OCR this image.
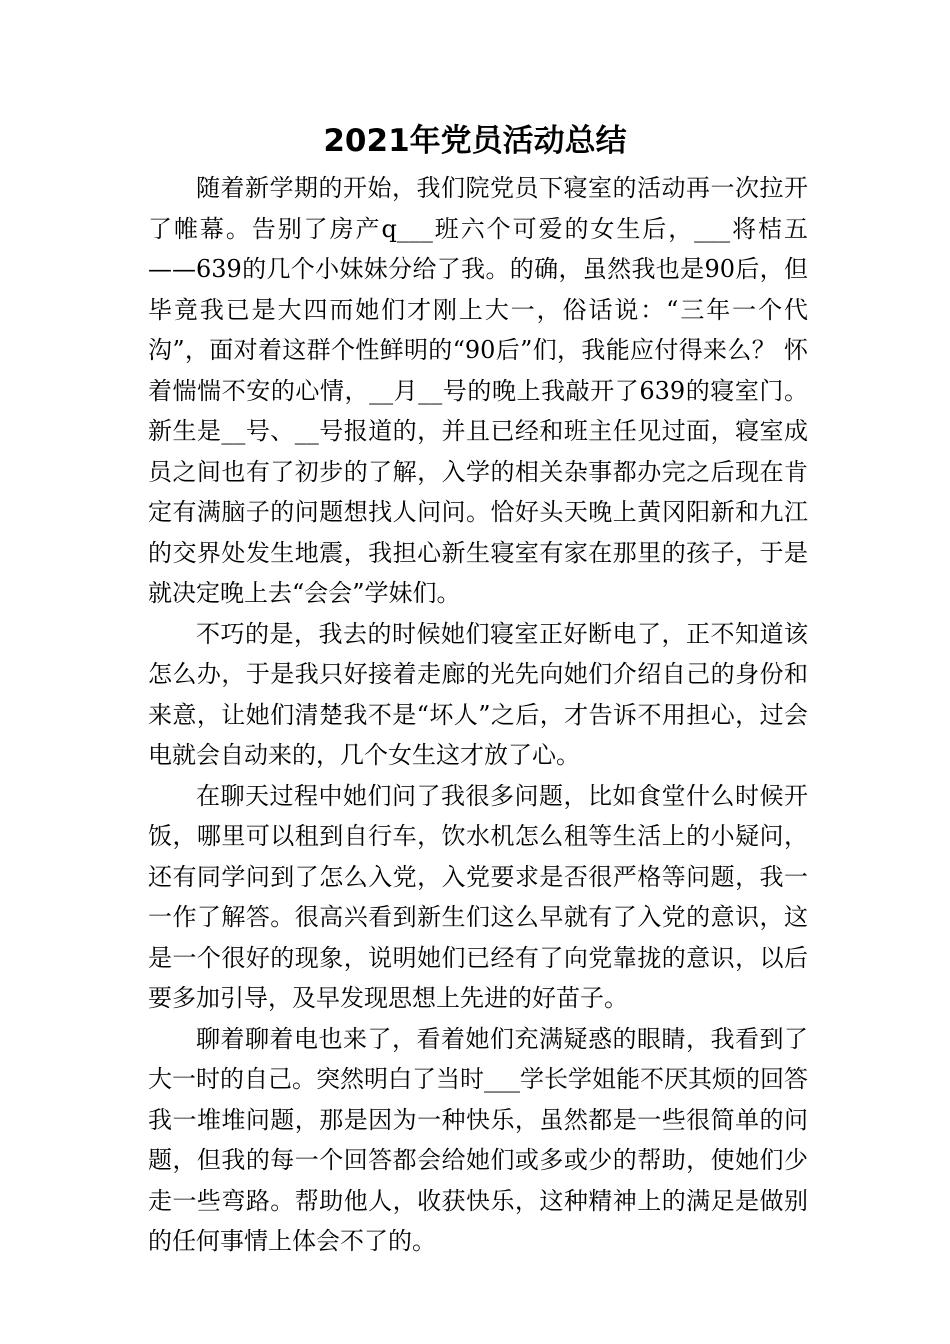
2021年党员活动总结

随着新学期的开始，我们院党员下寝室的活动再一次拉开了帷幕。告别了房产q___班六个可爱的女生后，___将桔五——639的几个小妹妹分给了我。的确，虽然我也是90后，但毕竟我已是大四而她们才刚上大一，俗话说：“三年一个代沟”，面对着这群个性鲜明的“90后”们，我能应付得来么？ 怀着惴惴不安的心情，__月__号的晚上我敲开了639的寝室门。新生是__号、__号报道的，并且已经和班主任见过面，寝室成员之间也有了初步的了解，入学的相关杂事都办完之后现在肯定有满脑子的问题想找人问问。恰好头天晚上黄冈阳新和九江的交界处发生地震，我担心新生寝室有家在那里的孩子，于是就决定晚上去“会会”学妹们。

不巧的是，我去的时候她们寝室正好断电了，正不知道该怎么办，于是我只好接着走廊的光先向她们介绍自己的身份和来意，让她们清楚我不是“坏人”之后，才告诉不用担心，过会电就会自动来的，几个女生这才放了心。

在聊天过程中她们问了我很多问题，比如食堂什么时候开饭，哪里可以租到自行车，饮水机怎么租等生活上的小疑问，还有同学问到了怎么入党，入党要求是否很严格等问题，我一一作了解答。很高兴看到新生们这么早就有了入党的意识，这是一个很好的现象，说明她们已经有了向党靠拢的意识，以后要多加引导，及早发现思想上先进的好苗子。

聊着聊着电也来了，看着她们充满疑惑的眼睛，我看到了大一时的自己。突然明白了当时___学长学姐能不厌其烦的回答我一堆堆问题，那是因为一种快乐，虽然都是一些很简单的问题，但我的每一个回答都会给她们或多或少的帮助，使她们少走一些弯路。帮助他人，收获快乐，这种精神上的满足是做别的任何事情上体会不了的。
